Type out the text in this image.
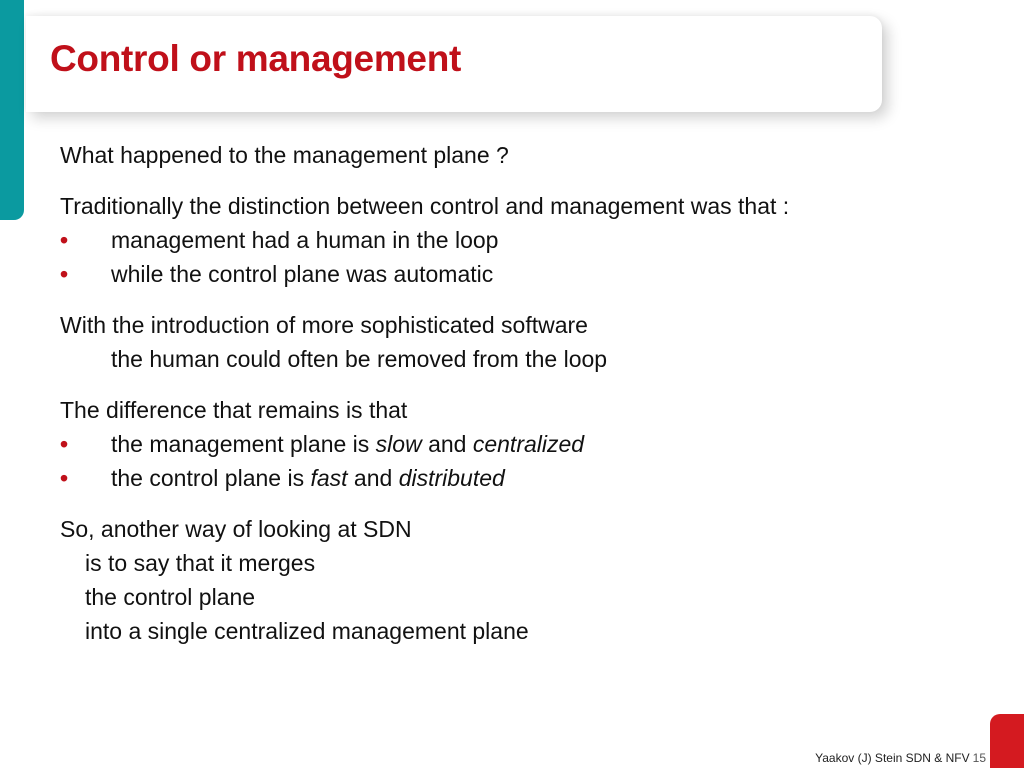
Control or management
What happened to the management plane ?
Traditionally the distinction between control and management was that :
• management had a human in the loop
• while the control plane was automatic
With the introduction of more sophisticated software
the human could often be removed from the loop
The difference that remains is that
• the management plane is slow and centralized
• the control plane is fast and distributed
So, another way of looking at SDN
is to say that it merges
the control plane
into a single centralized management plane
Yaakov (J) Stein SDN & NFV 15
